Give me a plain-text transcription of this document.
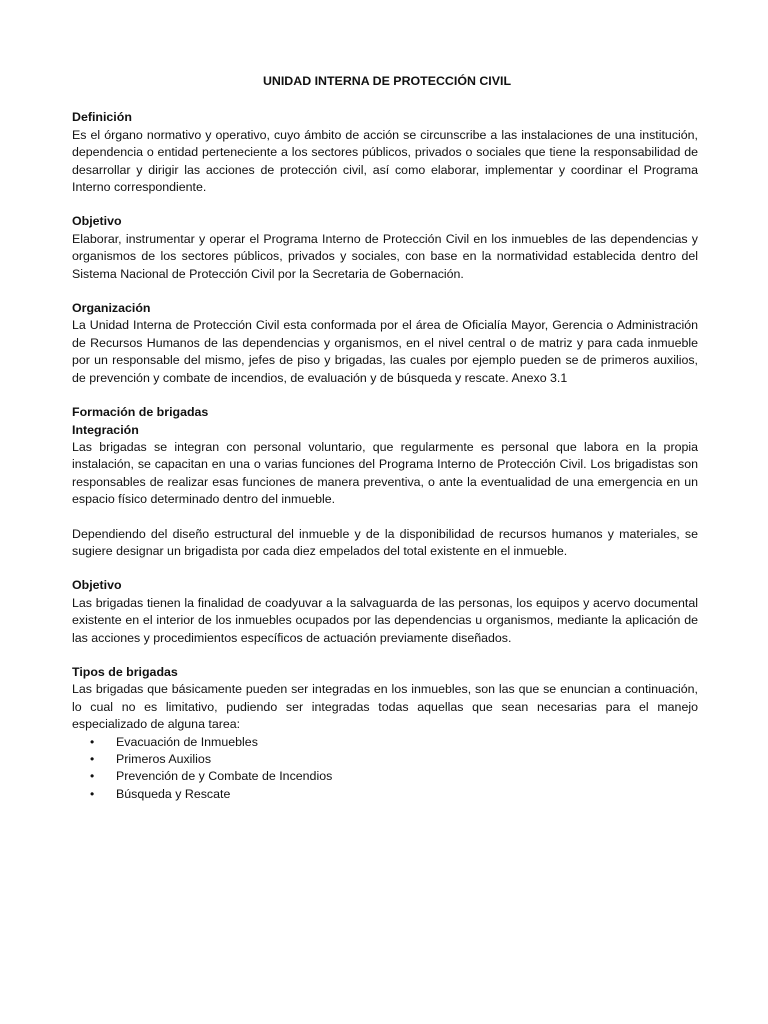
UNIDAD INTERNA DE PROTECCIÓN CIVIL
Definición

Es el órgano normativo y operativo, cuyo ámbito de acción se circunscribe a las instalaciones de una institución, dependencia o entidad perteneciente a los sectores públicos, privados o sociales que tiene la responsabilidad de desarrollar y dirigir las acciones de protección civil, así como elaborar, implementar y coordinar el Programa Interno correspondiente.

Objetivo

Elaborar, instrumentar y operar el Programa Interno de Protección Civil en los inmuebles de las dependencias y organismos de los sectores públicos, privados y sociales, con base en la normatividad establecida dentro del Sistema Nacional de Protección Civil por la Secretaria de Gobernación.

Organización

La Unidad Interna de Protección Civil esta conformada por el área de Oficialía Mayor, Gerencia o Administración de Recursos Humanos de las dependencias y organismos, en el nivel central o de matriz y para cada inmueble por un responsable del mismo, jefes de piso y brigadas, las cuales por ejemplo pueden se de primeros auxilios, de prevención y combate de incendios, de evaluación y de búsqueda y rescate. Anexo 3.1

Formación de brigadas
Integración

Las brigadas se integran con personal voluntario, que regularmente es personal que labora en la propia instalación, se capacitan en una o varias funciones del Programa Interno de Protección Civil. Los brigadistas son responsables de realizar esas funciones de manera preventiva, o ante la eventualidad de una emergencia en un espacio físico determinado dentro del inmueble.

Dependiendo del diseño estructural del inmueble y de la disponibilidad de recursos humanos y materiales, se sugiere designar un brigadista por cada diez empelados del total existente en el inmueble.

Objetivo

Las brigadas tienen la finalidad de coadyuvar a la salvaguarda de las personas, los equipos y acervo documental existente en el interior de los inmuebles ocupados por las dependencias u organismos, mediante la aplicación de las acciones y procedimientos específicos de actuación previamente diseñados.

Tipos de brigadas

Las brigadas que básicamente pueden ser integradas en los inmuebles, son las que se enuncian a continuación, lo cual no es limitativo, pudiendo ser integradas todas aquellas que sean necesarias para el manejo especializado de alguna tarea:

• Evacuación de Inmuebles
• Primeros Auxilios
• Prevención de y Combate de Incendios
• Búsqueda y Rescate
